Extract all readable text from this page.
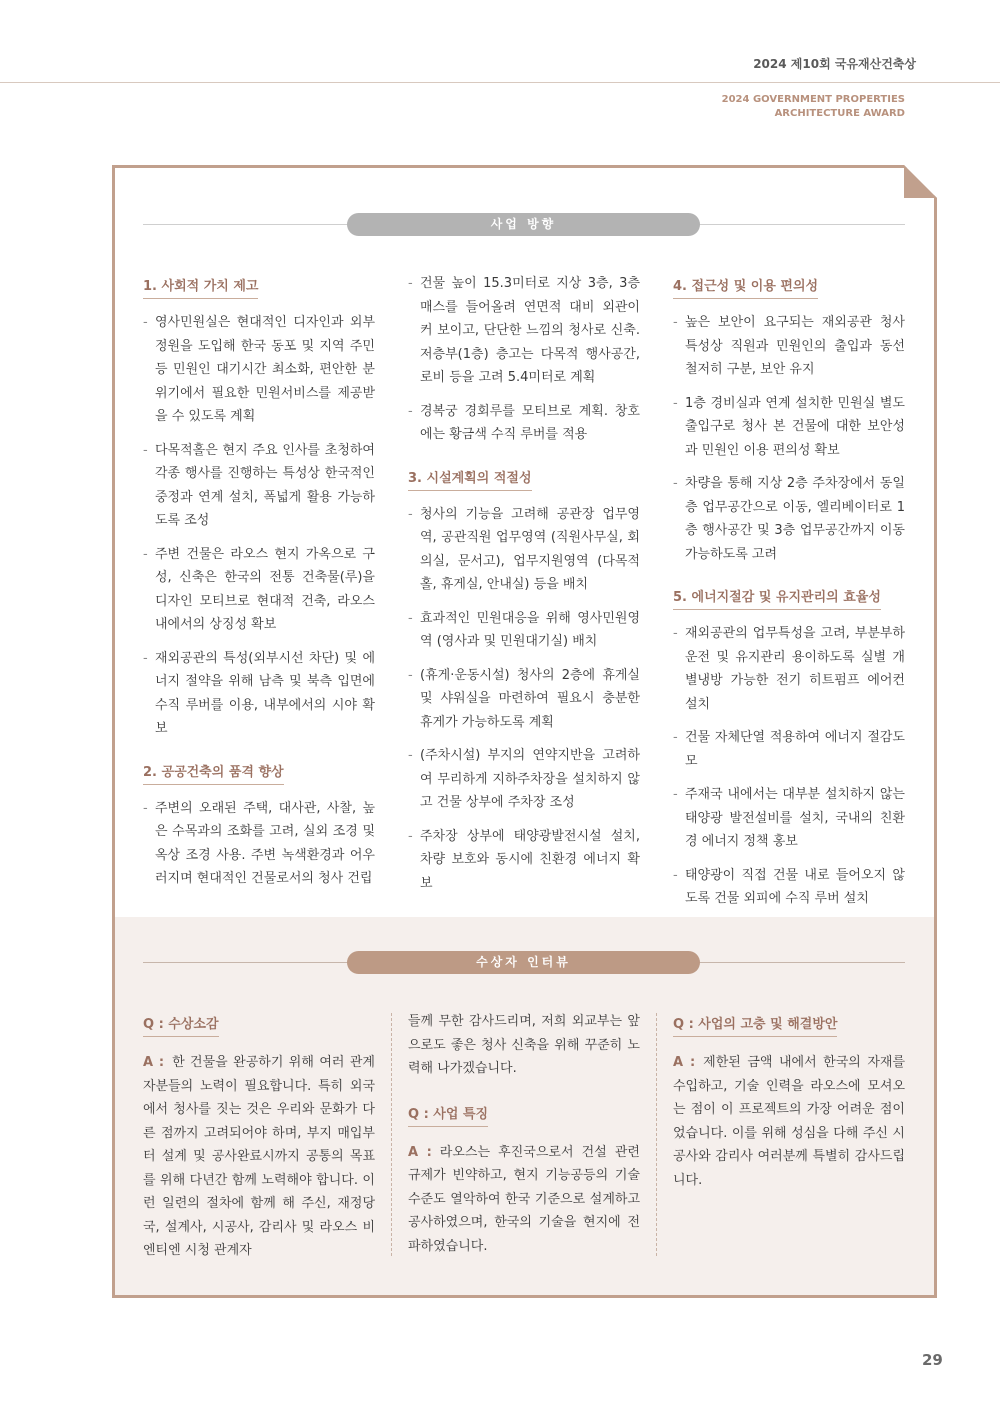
2024 제10회 국유재산건축상
2024 GOVERNMENT PROPERTIES
ARCHITECTURE AWARD
사업 방향
1. 사회적 가치 제고
- 영사민원실은 현대적인 디자인과 외부정원을 도입해 한국 동포 및 지역 주민 등 민원인 대기시간 최소화, 편안한 분위기에서 필요한 민원서비스를 제공받을 수 있도록 계획
- 다목적홀은 현지 주요 인사를 초청하여 각종 행사를 진행하는 특성상 한국적인 중정과 연계 설치, 폭넓게 활용 가능하도록 조성
- 주변 건물은 라오스 현지 가옥으로 구성, 신축은 한국의 전통 건축물(루)을 디자인 모티브로 현대적 건축, 라오스 내에서의 상징성 확보
- 재외공관의 특성(외부시선 차단) 및 에너지 절약을 위해 남측 및 북측 입면에 수직 루버를 이용, 내부에서의 시야 확보
2. 공공건축의 품격 향상
- 주변의 오래된 주택, 대사관, 사찰, 높은 수목과의 조화를 고려, 실외 조경 및 옥상 조경 사용. 주변 녹색환경과 어우러지며 현대적인 건물로서의 청사 건립
- 건물 높이 15.3미터로 지상 3층, 3층 매스를 들어올려 연면적 대비 외관이 커 보이고, 단단한 느낌의 청사로 신축. 저층부(1층) 층고는 다목적 행사공간, 로비 등을 고려 5.4미터로 계획
- 경복궁 경회루를 모티브로 계획. 창호에는 황금색 수직 루버를 적용
3. 시설계획의 적절성
- 청사의 기능을 고려해 공관장 업무영역, 공관직원 업무영역 (직원사무실, 회의실, 문서고), 업무지원영역 (다목적홀, 휴게실, 안내실) 등을 배치
- 효과적인 민원대응을 위해 영사민원영역 (영사과 및 민원대기실) 배치
- (휴게·운동시설) 청사의 2층에 휴게실 및 샤워실을 마련하여 필요시 충분한 휴게가 가능하도록 계획
- (주차시설) 부지의 연약지반을 고려하여 무리하게 지하주차장을 설치하지 않고 건물 상부에 주차장 조성
- 주차장 상부에 태양광발전시설 설치, 차량 보호와 동시에 친환경 에너지 확보
4. 접근성 및 이용 편의성
- 높은 보안이 요구되는 재외공관 청사 특성상 직원과 민원인의 출입과 동선 철저히 구분, 보안 유지
- 1층 경비실과 연계 설치한 민원실 별도 출입구로 청사 본 건물에 대한 보안성과 민원인 이용 편의성 확보
- 차량을 통해 지상 2층 주차장에서 동일층 업무공간으로 이동, 엘리베이터로 1층 행사공간 및 3층 업무공간까지 이동 가능하도록 고려
5. 에너지절감 및 유지관리의 효율성
- 재외공관의 업무특성을 고려, 부분부하 운전 및 유지관리 용이하도록 실별 개별냉방 가능한 전기 히트펌프 에어컨 설치
- 건물 자체단열 적용하여 에너지 절감도모
- 주재국 내에서는 대부분 설치하지 않는 태양광 발전설비를 설치, 국내의 친환경 에너지 정책 홍보
- 태양광이 직접 건물 내로 들어오지 않도록 건물 외피에 수직 루버 설치
수상자 인터뷰
Q : 수상소감

A : 한 건물을 완공하기 위해 여러 관계자분들의 노력이 필요합니다. 특히 외국에서 청사를 짓는 것은 우리와 문화가 다른 점까지 고려되어야 하며, 부지 매입부터 설계 및 공사완료시까지 공통의 목표를 위해 다년간 함께 노력해야 합니다. 이런 일련의 절차에 함께 해 주신, 재정당국, 설계사, 시공사, 감리사 및 라오스 비엔티엔 시청 관계자

들께 무한 감사드리며, 저희 외교부는 앞으로도 좋은 청사 신축을 위해 꾸준히 노력해 나가겠습니다.

Q : 사업 특징

A : 라오스는 후진국으로서 건설 관련 규제가 빈약하고, 현지 기능공등의 기술 수준도 열악하여 한국 기준으로 설계하고 공사하였으며, 한국의 기술을 현지에 전파하였습니다.

Q : 사업의 고충 및 해결방안

A : 제한된 금액 내에서 한국의 자재를 수입하고, 기술 인력을 라오스에 모셔오는 점이 이 프로젝트의 가장 어려운 점이었습니다. 이를 위해 성심을 다해 주신 시공사와 감리사 여러분께 특별히 감사드립니다.

29
